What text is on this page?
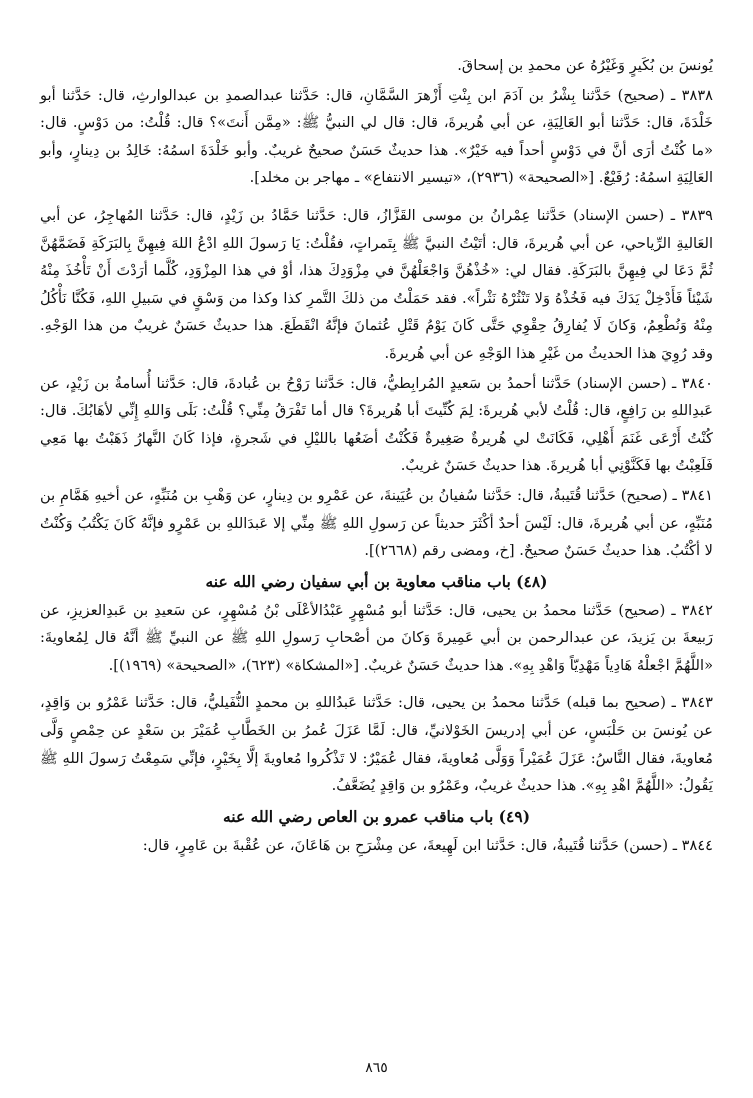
يُونسَ بن بُكَيرٍ وَغَيْرُهُ عن محمدِ بن إسحاقَ.

٣٨٣٨ ـ (صحيح) حَدَّثنا بِشْرُ بن آدَمَ ابن بِنْتِ أَزْهرَ السَّمَّانِ، قال: حَدَّثنا عبدالصمدِ بن عبدالوارثِ، قال: حَدَّثنا أبو خَلْدَةَ، قال: حَدَّثنا أبو العَالِيَةِ، عن أبي هُريرةَ، قال: قال لي النبيُّ ﷺ: «مِمَّن أَنتَ»؟ قال: قُلْتُ: من دَوْسٍ. قال: «ما كُنْتُ أرَى أنَّ في دَوْسٍ أحداً فيه خَيْرٌ». هذا حديثٌ حَسَنٌ صحيحٌ غريبٌ. وأبو خَلْدَةَ اسمُهُ: خَالِدُ بن دِينارٍ، وأبو العَالِيَةِ اسمُهُ: رُفَيْعٌ. [«الصحيحة» (٢٩٣٦)، «تيسير الانتفاع» ـ مهاجر بن مخلد].

٣٨٣٩ ـ (حسن الإسناد) حَدَّثنا عِمْرانُ بن موسى القَزَّازُ، قال: حَدَّثنا حَمَّادُ بن زَيْدٍ، قال: حَدَّثنا المُهاجِرُ، عن أبي العَاليةِ الرِّياحي، عن أبي هُريرةَ، قال: أتَيْتُ النبيَّ ﷺ بِتَمراتٍ، فقُلْتُ: يَا رَسولَ اللهِ ادْعُ اللهَ فِيهِنَّ بِالبَرَكَةِ فَضَمَّهُنَّ ثُمَّ دَعَا لي فِيهِنَّ بالبَرَكَةِ. فقال لي: «خُذْهُنَّ وَاجْعَلْهُنَّ في مِزْوَدِكَ هذا، أوْ في هذا المِزْوَدِ، كُلَّما أرَدْتَ أَنْ تَأْخُذَ مِنْهُ شَيْئاً فَأَدْخِلْ يَدَكَ فيه فَخُذْهُ وَلا تَنْثُرْهُ نَثْراً». فقد حَمَلْتُ من ذلكَ التَّمرِ كذا وكذا من وَسْقٍ في سَبيلِ اللهِ، فَكُنَّا نَأْكُلُ مِنْهُ وَنُطْعِمُ، وَكانَ لَا يُفارِقُ حِقْوِي حَتَّى كَانَ يَوْمُ قَتْلِ عُثمانَ فإنَّهُ انْقَطَعَ. هذا حديثٌ حَسَنٌ غريبٌ من هذا الوَجْهِ. وقد رُوِيَ هذا الحديثُ من غَيْرِ هذا الوَجْهِ عن أبي هُريرةَ.

٣٨٤٠ ـ (حسن الإسناد) حَدَّثنا أحمدُ بن سَعيدٍ المُرابِطيُّ، قال: حَدَّثنا رَوْحُ بن عُبادةَ، قال: حَدَّثنا أُسامةُ بن زَيْدٍ، عن عَبدِاللهِ بن رَافِعٍ، قال: قُلْتُ لأبي هُريرةَ: لِمَ كُنِّيتَ أبا هُريرةَ؟ قال أما تَفْرَقُ مِنِّي؟ قُلْتُ: بَلَى وَاللهِ إِنِّي لأهَابُكَ. قال: كُنْتُ أَرْعَى غَنَمَ أَهْلِي، فَكَانَتْ لي هُريرةٌ صَغِيرةٌ فَكُنْتُ أضَعُها بالليْلِ في شَجرةٍ، فإذا كَانَ النَّهارُ ذَهَبْتُ بها مَعِي فَلَعِبْتُ بها فَكَنَّوْنِي أبا هُريرةَ. هذا حديثٌ حَسَنٌ غريبٌ.

٣٨٤١ ـ (صحيح) حَدَّثنا قُتَيبةُ، قال: حَدَّثنا سُفيانُ بن عُيَينةَ، عن عَمْرِو بن دِينارٍ، عن وَهْبِ بن مُنَبِّهٍ، عن أخيهِ هَمَّامِ بن مُنَبِّهٍ، عن أبي هُريرةَ، قال: لَيْسَ أحدٌ أكْثَرَ حديثاً عن رَسولِ اللهِ ﷺ مِنِّي إلا عَبدَاللهِ بن عَمْرٍو فإنَّهُ كَانَ يَكْتُبُ وَكُنْتُ لا أكْتُبُ. هذا حديثٌ حَسَنٌ صحيحٌ. [خ، ومضى رقم (٢٦٦٨)].

(٤٨) باب مناقب معاوية بن أبي سفيان رضي الله عنه

٣٨٤٢ ـ (صحيح) حَدَّثنا محمدُ بن يحيى، قال: حَدَّثنا أبو مُسْهِرٍ عَبْدُالأعْلَى بْنُ مُسْهِرٍ، عن سَعيدِ بن عَبدِالعزيزِ، عن رَبيعةَ بن يَزيدَ، عن عبدالرحمن بن أبي عَمِيرةَ وَكانَ من أصْحابِ رَسولِ اللهِ ﷺ عن النبيِّ ﷺ أنَّهُ قال لِمُعاويةَ: «اللَّهُمَّ اجْعلْهُ هَادِياً مَهْدِيّاً وَاهْدِ بِهِ». هذا حديثٌ حَسَنٌ غريبٌ. [«المشكاة» (٦٢٣)، «الصحيحة» (١٩٦٩)].

٣٨٤٣ ـ (صحيح بما قبله) حَدَّثنا محمدُ بن يحيى، قال: حَدَّثنا عَبدُاللهِ بن محمدٍ النُّفَيليُّ، قال: حَدَّثنا عَمْرُو بن وَاقِدٍ، عن يُونسَ بن حَلْبَسٍ، عن أبي إدريسَ الخَوْلانيِّ، قال: لَمَّا عَزَلَ عُمرُ بن الخَطَّابِ عُمَيْرَ بن سَعْدٍ عن حِمْصٍ وَلَّى مُعاويةَ، فقال النَّاسُ: عَزَلَ عُمَيْراً وَوَلَّى مُعاويةَ، فقال عُمَيْرٌ: لا تَذْكُروا مُعاويةَ إلَّا بِخَيْرٍ، فإنِّي سَمِعْتُ رَسولَ اللهِ ﷺ يَقُولُ: «اللَّهُمَّ اهْدِ بِهِ». هذا حديثٌ غريبٌ، وعَمْرُو بن وَاقِدٍ يُضَعَّفُ.

(٤٩) باب مناقب عمرو بن العاص رضي الله عنه

٣٨٤٤ ـ (حسن) حَدَّثنا قُتَيبةُ، قال: حَدَّثنا ابن لَهِيعةَ، عن مِشْرَحِ بن هَاعَانَ، عن عُقْبةَ بن عَامِرٍ، قال:

٨٦٥
